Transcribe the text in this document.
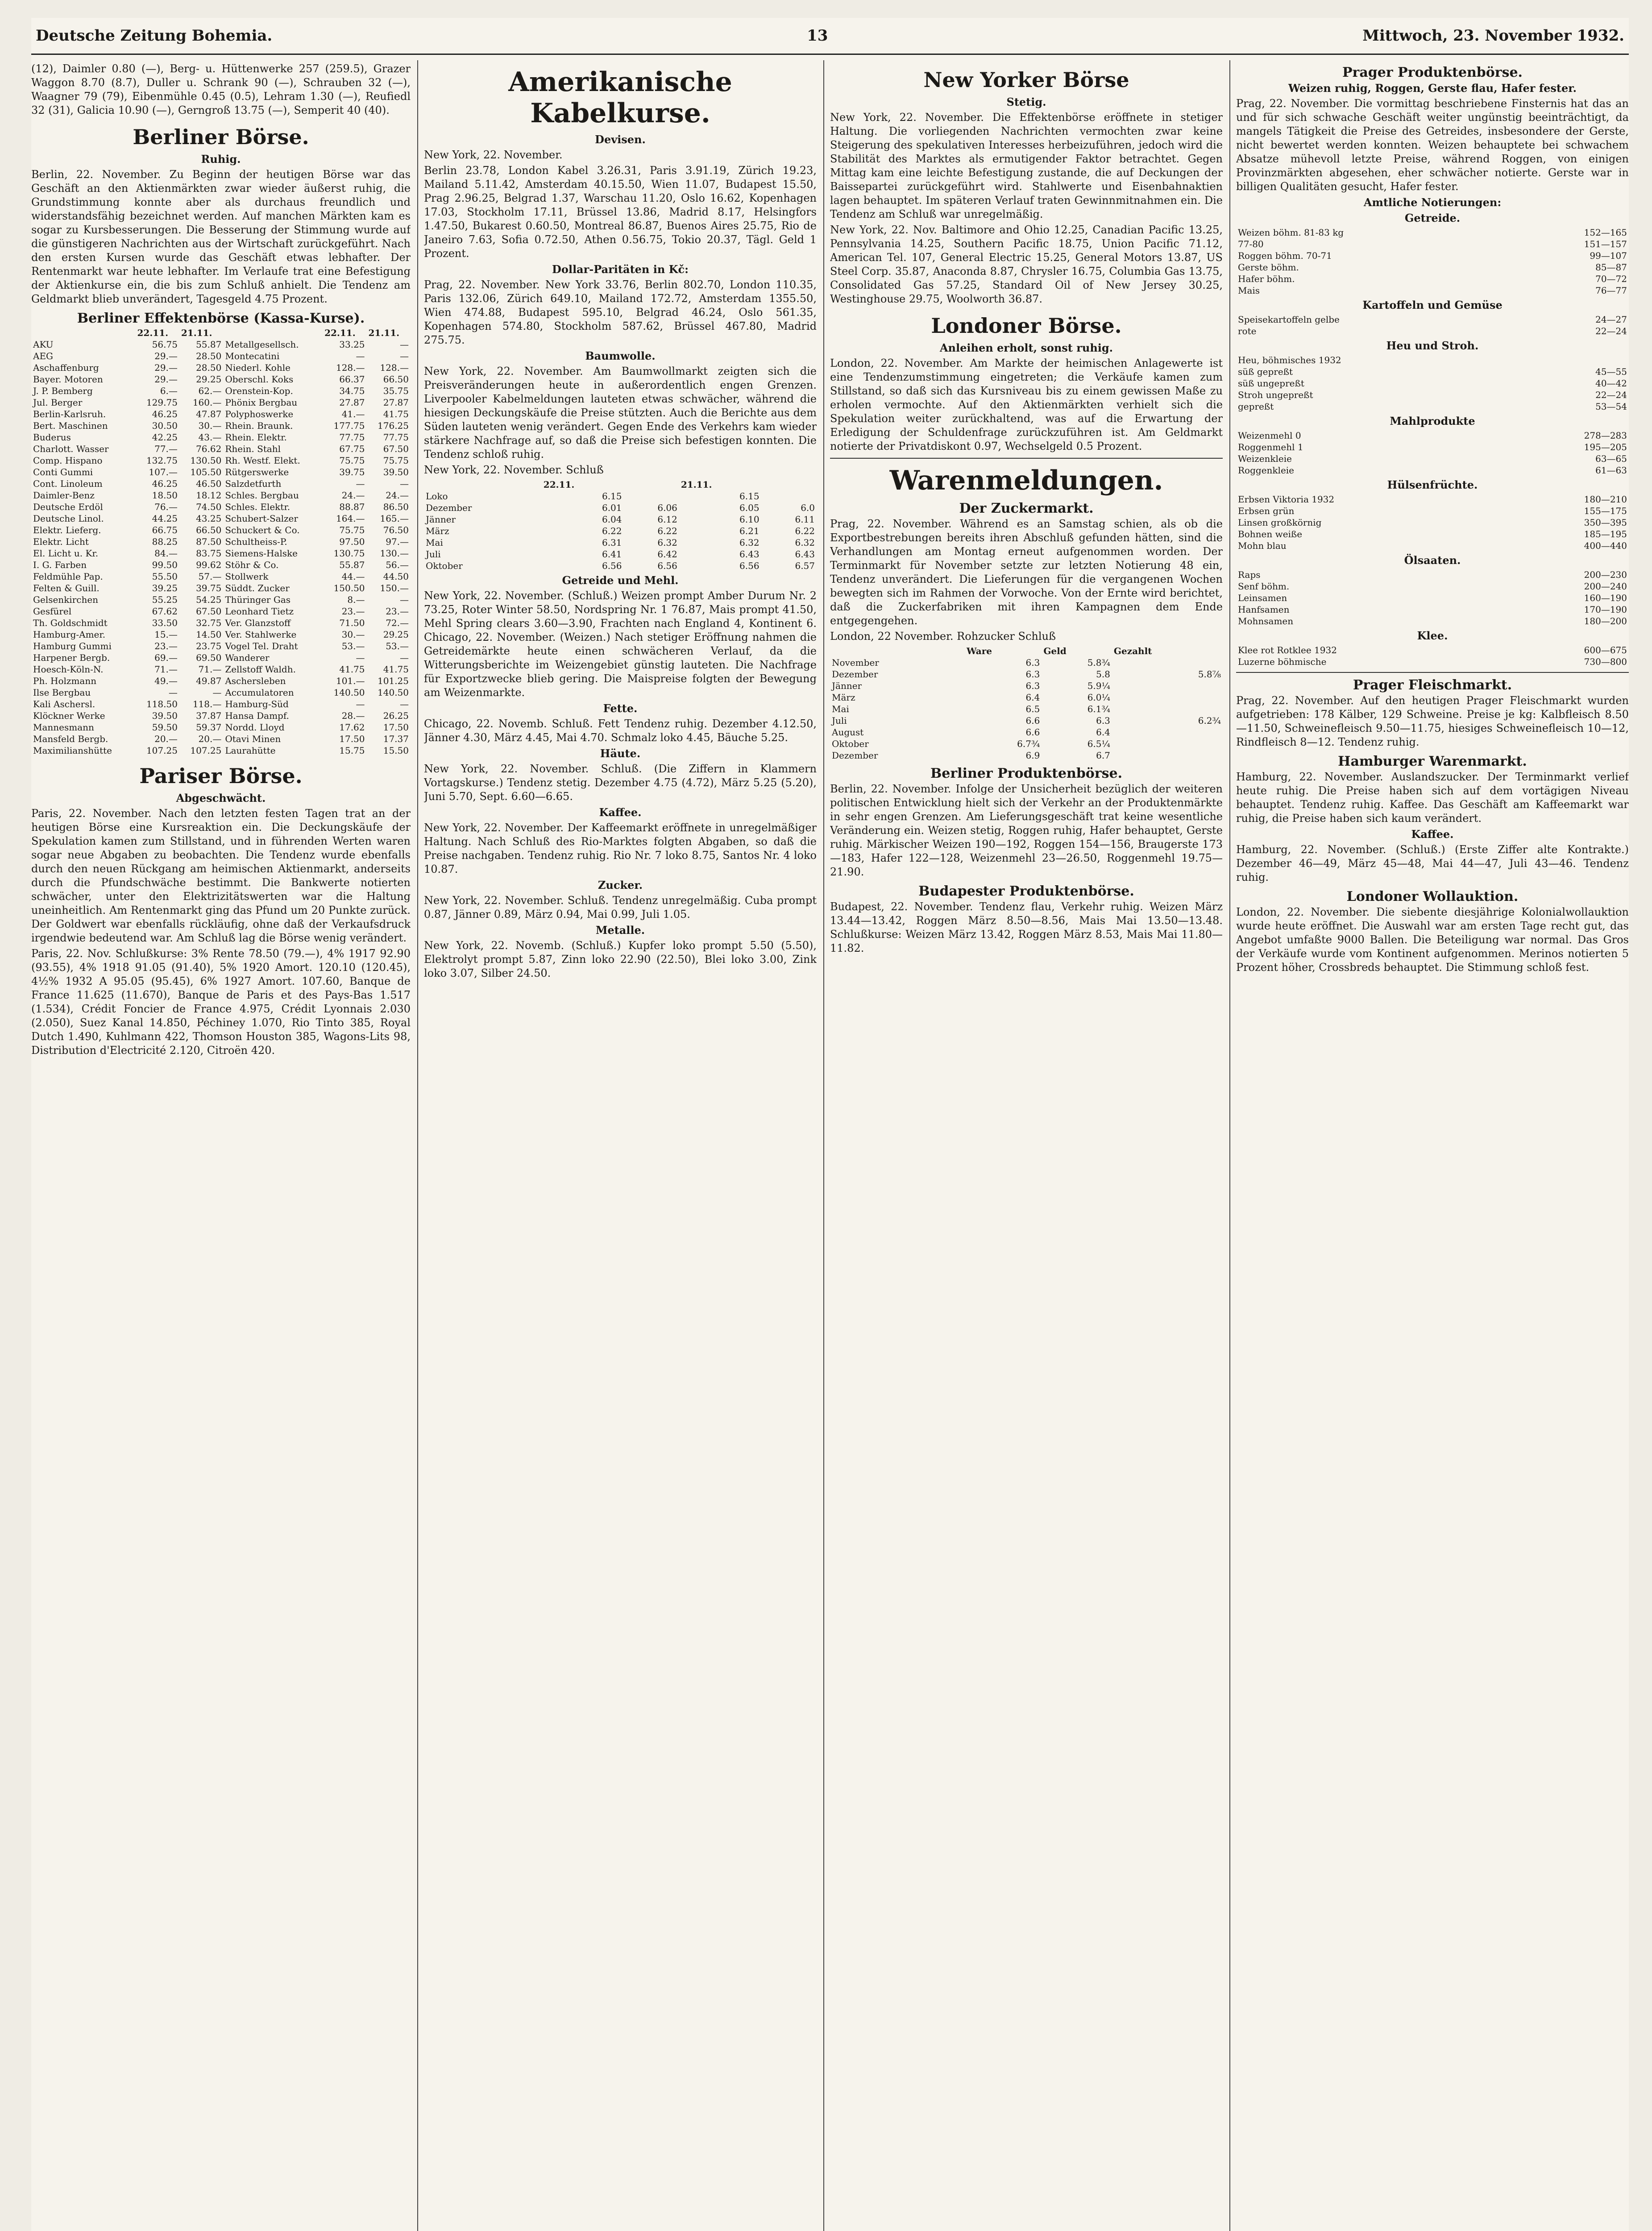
Deutsche Zeitung Bohemia.	13	Mittwoch, 23. November 1932.

(12), Daimler 0.80 (—), Berg- u. Hüttenwerke 257 (259.5), Grazer Waggon 8.70 (8.7), Duller u. Schrank 90 (—), Schrauben 32 (—), Waagner 79 (79), Eibenmühle 0.45 (0.5), Lehram 1.30 (—), Reufiedl 32 (31), Galicia 10.90 (—), Gerngroß 13.75 (—), Semperit 40 (40).

Berliner Börse.
Ruhig.

Berlin, 22. November. Zu Beginn der heutigen Börse war das Geschäft an den Aktienmärkten zwar wieder äußerst ruhig, die Grundstimmung konnte aber als durchaus freundlich und widerstandsfähig bezeichnet werden. Auf manchen Märkten kam es sogar zu Kursbesserungen. Die Besserung der Stimmung wurde auf die günstigeren Nachrichten aus der Wirtschaft zurückgeführt. Nach den ersten Kursen wurde das Geschäft etwas lebhafter. Der Rentenmarkt war heute lebhafter. Im Verlaufe trat eine Befestigung der Aktienkurse ein, die bis zum Schluß anhielt. Die Tendenz am Geldmarkt blieb unverändert, Tagesgeld 4.75 Prozent.

Berliner Effektenbörse (Kassa-Kurse).
	22.11.	21.11.		22.11.	21.11.
AKU	56.75	55.87	Metallgesellsch.	33.25	—
AEG	29.—	28.50	Montecatini	—	—
Aschaffenburg	29.—	28.50	Niederl. Kohle	128.—	128.—
Bayer. Motoren	29.—	29.25	Oberschl. Koks	66.37	66.50
J. P. Bemberg	6.—	62.—	Orenstein-Kop.	34.75	35.75
Jul. Berger	129.75	160.—	Phönix Bergbau	27.87	27.87
Berlin-Karlsruh.	46.25	47.87	Polyphoswerke	41.—	41.75
Bert. Maschinen	30.50	30.—	Rhein. Braunk.	177.75	176.25
Buderus	42.25	43.—	Rhein. Elektr.	77.75	77.75
Charlott. Wasser	77.—	76.62	Rhein. Stahl	67.75	67.50
Comp. Hispano	132.75	130.50	Rh. Westf. Elekt.	75.75	75.75
Conti Gummi	107.—	105.50	Rütgerswerke	39.75	39.50
Cont. Linoleum	46.25	46.50	Salzdetfurth	—	—
Daimler-Benz	18.50	18.12	Schles. Bergbau	24.—	24.—
Deutsche Erdöl	76.—	74.50	Schles. Elektr.	88.87	86.50
Deutsche Linol.	44.25	43.25	Schubert-Salzer	164.—	165.—
Elektr. Lieferg.	66.75	66.50	Schuckert & Co.	75.75	76.50
Elektr. Licht	88.25	87.50	Schultheiss-P.	97.50	97.—
El. Licht u. Kr.	84.—	83.75	Siemens-Halske	130.75	130.—
I. G. Farben	99.50	99.62	Stöhr & Co.	55.87	56.—
Feldmühle Pap.	55.50	57.—	Stollwerk	44.—	44.50
Felten & Guill.	39.25	39.75	Süddt. Zucker	150.50	150.—
Gelsenkirchen	55.25	54.25	Thüringer Gas	8.—	—
Gesfürel	67.62	67.50	Leonhard Tietz	23.—	23.—
Th. Goldschmidt	33.50	32.75	Ver. Glanzstoff	71.50	72.—
Hamburg-Amer.	15.—	14.50	Ver. Stahlwerke	30.—	29.25
Hamburg Gummi	23.—	23.75	Vogel Tel. Draht	53.—	53.—
Harpener Bergb.	69.—	69.50	Wanderer	—	—
Hoesch-Köln-N.	71.—	71.—	Zellstoff Waldh.	41.75	41.75
Ph. Holzmann	49.—	49.87	Aschersleben	101.—	101.25
Ilse Bergbau	—	—	Accumulatoren	140.50	140.50
Kali Aschersl.	118.50	118.—	Hamburg-Süd	—	—
Klöckner Werke	39.50	37.87	Hansa Dampf.	28.—	26.25
Mannesmann	59.50	59.37	Nordd. Lloyd	17.62	17.50
Mansfeld Bergb.	20.—	20.—	Otavi Minen	17.50	17.37
Maximilianshütte	107.25	107.25	Laurahütte	15.75	15.50
Pariser Börse.
Abgeschwächt.

Paris, 22. November. Nach den letzten festen Tagen trat an der heutigen Börse eine Kursreaktion ein. Die Deckungskäufe der Spekulation kamen zum Stillstand, und in führenden Werten waren sogar neue Abgaben zu beobachten. Die Tendenz wurde ebenfalls durch den neuen Rückgang am heimischen Aktienmarkt, anderseits durch die Pfundschwäche bestimmt. Die Bankwerte notierten schwächer, unter den Elektrizitätswerten war die Haltung uneinheitlich. Am Rentenmarkt ging das Pfund um 20 Punkte zurück. Der Goldwert war ebenfalls rückläufig, ohne daß der Verkaufsdruck irgendwie bedeutend war. Am Schluß lag die Börse wenig verändert.

Paris, 22. Nov. Schlußkurse: 3% Rente 78.50 (79.—), 4% 1917 92.90 (93.55), 4% 1918 91.05 (91.40), 5% 1920 Amort. 120.10 (120.45), 4½% 1932 A 95.05 (95.45), 6% 1927 Amort. 107.60, Banque de France 11.625 (11.670), Banque de Paris et des Pays-Bas 1.517 (1.534), Crédit Foncier de France 4.975, Crédit Lyonnais 2.030 (2.050), Suez Kanal 14.850, Péchiney 1.070, Rio Tinto 385, Royal Dutch 1.490, Kuhlmann 422, Thomson Houston 385, Wagons-Lits 98, Distribution d'Electricité 2.120, Citroën 420.

Amerikanische Kabelkurse.
Devisen.

New York, 22. November.

Berlin 23.78, London Kabel 3.26.31, Paris 3.91.19, Zürich 19.23, Mailand 5.11.42, Amsterdam 40.15.50, Wien 11.07, Budapest 15.50, Prag 2.96.25, Belgrad 1.37, Warschau 11.20, Oslo 16.62, Kopenhagen 17.03, Stockholm 17.11, Brüssel 13.86, Madrid 8.17, Helsingfors 1.47.50, Bukarest 0.60.50, Montreal 86.87, Buenos Aires 25.75, Rio de Janeiro 7.63, Sofia 0.72.50, Athen 0.56.75, Tokio 20.37, Tägl. Geld 1 Prozent.

Dollar-Paritäten in Kč:

Prag, 22. November. New York 33.76, Berlin 802.70, London 110.35, Paris 132.06, Zürich 649.10, Mailand 172.72, Amsterdam 1355.50, Wien 474.88, Budapest 595.10, Belgrad 46.24, Oslo 561.35, Kopenhagen 574.80, Stockholm 587.62, Brüssel 467.80, Madrid 275.75.

Baumwolle.

New York, 22. November. Am Baumwollmarkt zeigten sich die Preisveränderungen heute in außerordentlich engen Grenzen. Liverpooler Kabelmeldungen lauteten etwas schwächer, während die hiesigen Deckungskäufe die Preise stützten. Auch die Berichte aus dem Süden lauteten wenig verändert. Gegen Ende des Verkehrs kam wieder stärkere Nachfrage auf, so daß die Preise sich befestigen konnten. Die Tendenz schloß ruhig.

New York, 22. November. Schluß

	22.11.		21.11.	
Loko	6.15		6.15	
Dezember	6.01	6.06	6.05	6.0
Jänner	6.04	6.12	6.10	6.11
März	6.22	6.22	6.21	6.22
Mai	6.31	6.32	6.32	6.32
Juli	6.41	6.42	6.43	6.43
Oktober	6.56	6.56	6.56	6.57
Getreide und Mehl.

New York, 22. November. (Schluß.) Weizen prompt Amber Durum Nr. 2 73.25, Roter Winter 58.50, Nordspring Nr. 1 76.87, Mais prompt 41.50, Mehl Spring clears 3.60—3.90, Frachten nach England 4, Kontinent 6. Chicago, 22. November. (Weizen.) Nach stetiger Eröffnung nahmen die Getreidemärkte heute einen schwächeren Verlauf, da die Witterungsberichte im Weizengebiet günstig lauteten. Die Nachfrage für Exportzwecke blieb gering. Die Maispreise folgten der Bewegung am Weizenmarkte.

Fette.

Chicago, 22. Novemb. Schluß. Fett Tendenz ruhig. Dezember 4.12.50, Jänner 4.30, März 4.45, Mai 4.70. Schmalz loko 4.45, Bäuche 5.25.

Häute.

New York, 22. November. Schluß. (Die Ziffern in Klammern Vortagskurse.) Tendenz stetig. Dezember 4.75 (4.72), März 5.25 (5.20), Juni 5.70, Sept. 6.60—6.65.

Kaffee.

New York, 22. November. Der Kaffeemarkt eröffnete in unregelmäßiger Haltung. Nach Schluß des Rio-Marktes folgten Abgaben, so daß die Preise nachgaben. Tendenz ruhig. Rio Nr. 7 loko 8.75, Santos Nr. 4 loko 10.87.

Zucker.

New York, 22. November. Schluß. Tendenz unregelmäßig. Cuba prompt 0.87, Jänner 0.89, März 0.94, Mai 0.99, Juli 1.05.

Metalle.

New York, 22. Novemb. (Schluß.) Kupfer loko prompt 5.50 (5.50), Elektrolyt prompt 5.87, Zinn loko 22.90 (22.50), Blei loko 3.00, Zink loko 3.07, Silber 24.50.

New Yorker Börse
Stetig.

New York, 22. November. Die Effektenbörse eröffnete in stetiger Haltung. Die vorliegenden Nachrichten vermochten zwar keine Steigerung des spekulativen Interesses herbeizuführen, jedoch wird die Stabilität des Marktes als ermutigender Faktor betrachtet. Gegen Mittag kam eine leichte Befestigung zustande, die auf Deckungen der Baissepartei zurückgeführt wird. Stahlwerte und Eisenbahnaktien lagen behauptet. Im späteren Verlauf traten Gewinnmitnahmen ein. Die Tendenz am Schluß war unregelmäßig.

New York, 22. Nov. Baltimore and Ohio 12.25, Canadian Pacific 13.25, Pennsylvania 14.25, Southern Pacific 18.75, Union Pacific 71.12, American Tel. 107, General Electric 15.25, General Motors 13.87, US Steel Corp. 35.87, Anaconda 8.87, Chrysler 16.75, Columbia Gas 13.75, Consolidated Gas 57.25, Standard Oil of New Jersey 30.25, Westinghouse 29.75, Woolworth 36.87.

Londoner Börse.
Anleihen erholt, sonst ruhig.

London, 22. November. Am Markte der heimischen Anlagewerte ist eine Tendenzumstimmung eingetreten; die Verkäufe kamen zum Stillstand, so daß sich das Kursniveau bis zu einem gewissen Maße zu erholen vermochte. Auf den Aktienmärkten verhielt sich die Spekulation weiter zurückhaltend, was auf die Erwartung der Erledigung der Schuldenfrage zurückzuführen ist. Am Geldmarkt notierte der Privatdiskont 0.97, Wechselgeld 0.5 Prozent.

Warenmeldungen.
Der Zuckermarkt.

Prag, 22. November. Während es an Samstag schien, als ob die Exportbestrebungen bereits ihren Abschluß gefunden hätten, sind die Verhandlungen am Montag erneut aufgenommen worden. Der Terminmarkt für November setzte zur letzten Notierung 48 ein, Tendenz unverändert. Die Lieferungen für die vergangenen Wochen bewegten sich im Rahmen der Vorwoche. Von der Ernte wird berichtet, daß die Zuckerfabriken mit ihren Kampagnen dem Ende entgegengehen.

London, 22 November. Rohzucker Schluß

	Ware	Geld	Gezahlt
November	6.3	5.8¾	
Dezember	6.3	5.8	5.8⅞
Jänner	6.3	5.9¼	
März	6.4	6.0¼	
Mai	6.5	6.1¾	
Juli	6.6	6.3	6.2¾
August	6.6	6.4	
Oktober	6.7¾	6.5¼	
Dezember	6.9	6.7	
Berliner Produktenbörse.

Berlin, 22. November. Infolge der Unsicherheit bezüglich der weiteren politischen Entwicklung hielt sich der Verkehr an der Produktenmärkte in sehr engen Grenzen. Am Lieferungsgeschäft trat keine wesentliche Veränderung ein. Weizen stetig, Roggen ruhig, Hafer behauptet, Gerste ruhig. Märkischer Weizen 190—192, Roggen 154—156, Braugerste 173—183, Hafer 122—128, Weizenmehl 23—26.50, Roggenmehl 19.75—21.90.

Budapester Produktenbörse.

Budapest, 22. November. Tendenz flau, Verkehr ruhig. Weizen März 13.44—13.42, Roggen März 8.50—8.56, Mais Mai 13.50—13.48. Schlußkurse: Weizen März 13.42, Roggen März 8.53, Mais Mai 11.80—11.82.

Prager Produktenbörse.
Weizen ruhig, Roggen, Gerste flau, Hafer fester.

Prag, 22. November. Die vormittag beschriebene Finsternis hat das an und für sich schwache Geschäft weiter ungünstig beeinträchtigt, da mangels Tätigkeit die Preise des Getreides, insbesondere der Gerste, nicht bewertet werden konnten. Weizen behauptete bei schwachem Absatze mühevoll letzte Preise, während Roggen, von einigen Provinzmärkten abgesehen, eher schwächer notierte. Gerste war in billigen Qualitäten gesucht, Hafer fester.

Amtliche Notierungen:
Getreide.
Weizen böhm. 81-83 kg	152—165
77-80	151—157
Roggen böhm. 70-71	99—107
Gerste böhm.	85—87
Hafer böhm.	70—72
Mais	76—77
Kartoffeln und Gemüse
Speisekartoffeln gelbe	24—27
rote	22—24
Heu und Stroh.
Heu, böhmisches 1932	
süß gepreßt	45—55
süß ungepreßt	40—42
Stroh ungepreßt	22—24
gepreßt	53—54
Mahlprodukte
Weizenmehl 0	278—283
Roggenmehl 1	195—205
Weizenkleie	63—65
Roggenkleie	61—63
Hülsenfrüchte.
Erbsen Viktoria 1932	180—210
Erbsen grün	155—175
Linsen großkörnig	350—395
Bohnen weiße	185—195
Mohn blau	400—440
Ölsaaten.
Raps	200—230
Senf böhm.	200—240
Leinsamen	160—190
Hanfsamen	170—190
Mohnsamen	180—200
Klee.
Klee rot Rotklee 1932	600—675
Luzerne böhmische	730—800
Prager Fleischmarkt.

Prag, 22. November. Auf den heutigen Prager Fleischmarkt wurden aufgetrieben: 178 Kälber, 129 Schweine. Preise je kg: Kalbfleisch 8.50—11.50, Schweinefleisch 9.50—11.75, hiesiges Schweinefleisch 10—12, Rindfleisch 8—12. Tendenz ruhig.

Hamburger Warenmarkt.

Hamburg, 22. November. Auslandszucker. Der Terminmarkt verlief heute ruhig. Die Preise haben sich auf dem vortägigen Niveau behauptet. Tendenz ruhig. Kaffee. Das Geschäft am Kaffeemarkt war ruhig, die Preise haben sich kaum verändert.

Kaffee.

Hamburg, 22. November. (Schluß.) (Erste Ziffer alte Kontrakte.) Dezember 46—49, März 45—48, Mai 44—47, Juli 43—46. Tendenz ruhig.

Londoner Wollauktion.

London, 22. November. Die siebente diesjährige Kolonialwollauktion wurde heute eröffnet. Die Auswahl war am ersten Tage recht gut, das Angebot umfaßte 9000 Ballen. Die Beteiligung war normal. Das Gros der Verkäufe wurde vom Kontinent aufgenommen. Merinos notierten 5 Prozent höher, Crossbreds behauptet. Die Stimmung schloß fest.
